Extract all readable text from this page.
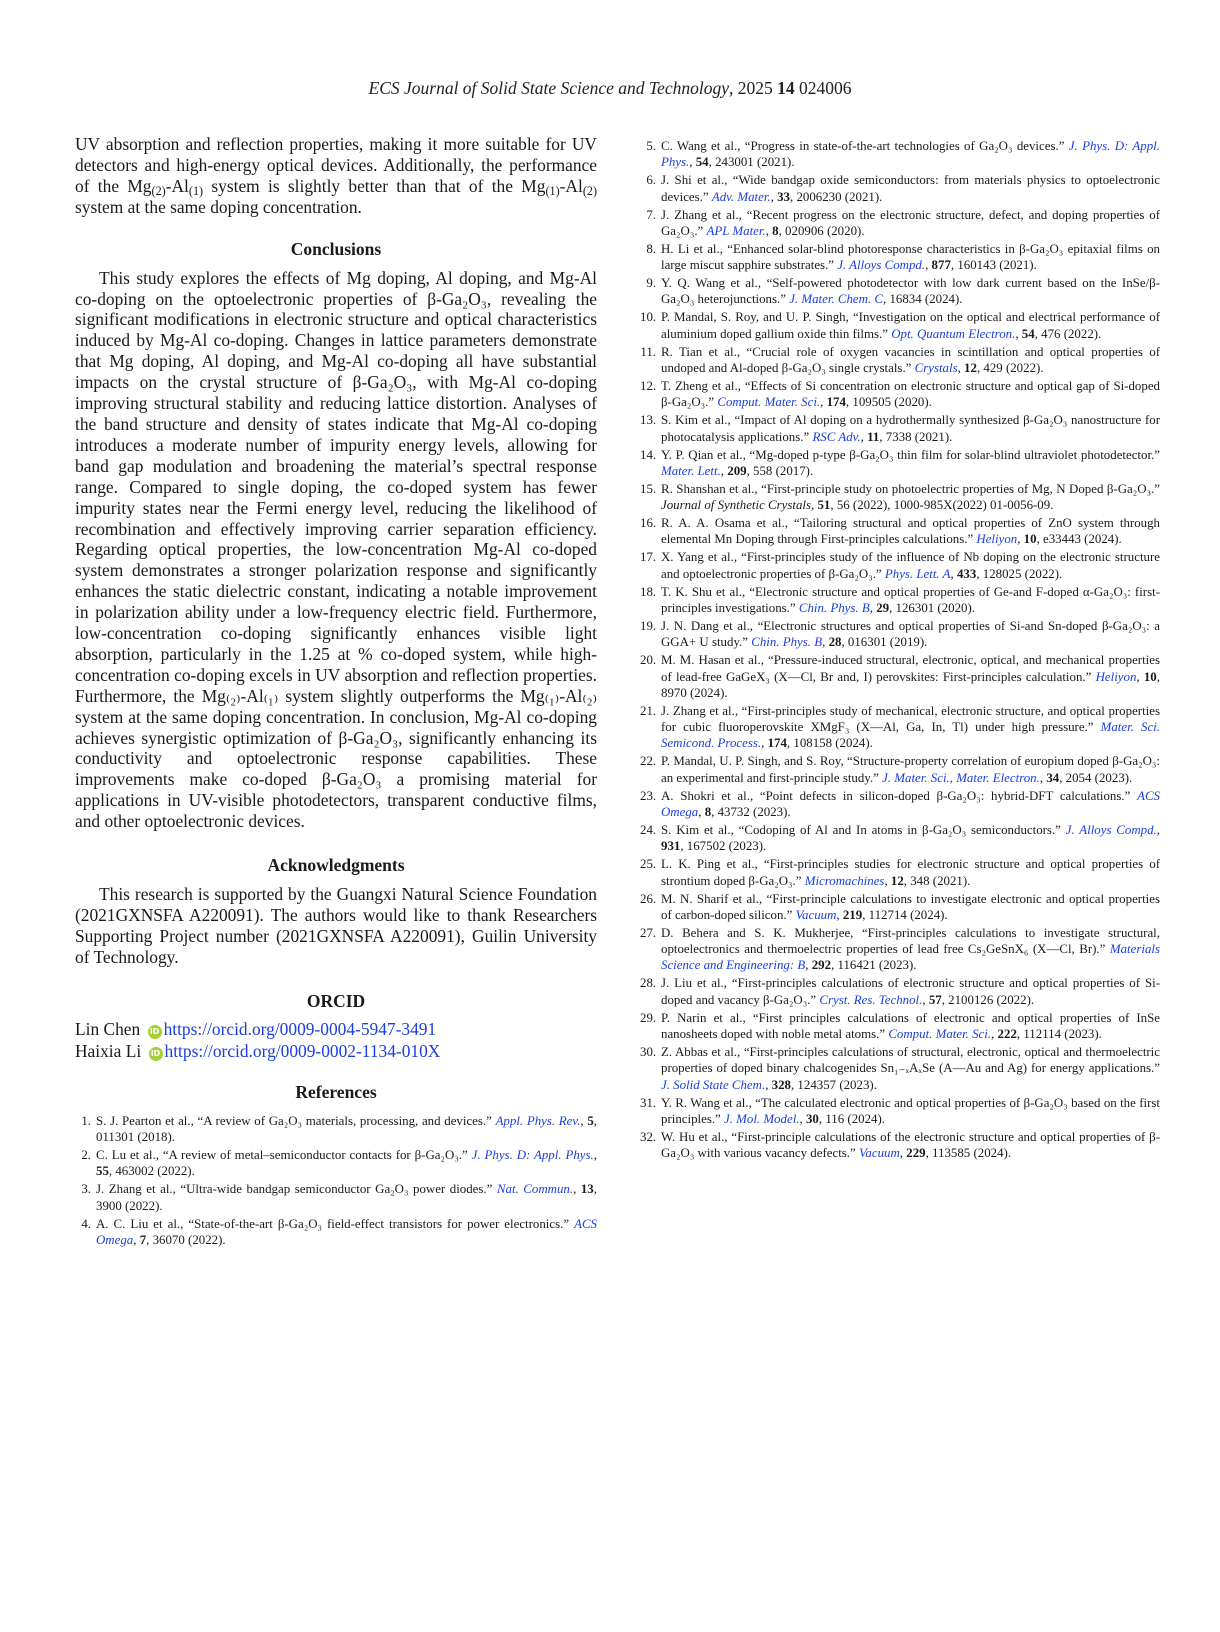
ECS Journal of Solid State Science and Technology, 2025 14 024006

UV absorption and reflection properties, making it more suitable for UV detectors and high-energy optical devices. Additionally, the performance of the $Mg_{(2)}-Al_{(1)}$ system is slightly better than that of the $Mg_{(1)}-Al_{(2)}$ system at the same doping concentration.

Conclusions

This study explores the effects of Mg doping, Al doping, and Mg-Al co-doping on the optoelectronic properties of β-Ga₂O₃, revealing the significant modifications in electronic structure and optical characteristics induced by Mg-Al co-doping. Changes in lattice parameters demonstrate that Mg doping, Al doping, and Mg-Al co-doping all have substantial impacts on the crystal structure of β-Ga₂O₃, with Mg-Al co-doping improving structural stability and reducing lattice distortion. Analyses of the band structure and density of states indicate that Mg-Al co-doping introduces a moderate number of impurity energy levels, allowing for band gap modulation and broadening the material’s spectral response range. Compared to single doping, the co-doped system has fewer impurity states near the Fermi energy level, reducing the likelihood of recombination and effectively improving carrier separation efficiency. Regarding optical properties, the low-concentration Mg-Al co-doped system demonstrates a stronger polarization response and significantly enhances the static dielectric constant, indicating a notable improvement in polarization ability under a low-frequency electric field. Furthermore, low-concentration co-doping significantly enhances visible light absorption, particularly in the 1.25 at % co-doped system, while high-concentration co-doping excels in UV absorption and reflection properties. Furthermore, the Mg₍₂₎-Al₍₁₎ system slightly outperforms the Mg₍₁₎-Al₍₂₎ system at the same doping concentration. In conclusion, Mg-Al co-doping achieves synergistic optimization of β-Ga₂O₃, significantly enhancing its conductivity and optoelectronic response capabilities. These improvements make co-doped β-Ga₂O₃ a promising material for applications in UV-visible photodetectors, transparent conductive films, and other optoelectronic devices.

Acknowledgments

This research is supported by the Guangxi Natural Science Foundation (2021GXNSFA A220091). The authors would like to thank Researchers Supporting Project number (2021GXNSFA A220091), Guilin University of Technology.

ORCID

Lin Chen iD https://orcid.org/0009-0004-5947-3491

Haixia Li iD https://orcid.org/0009-0002-1134-010X

References
1. S. J. Pearton et al., “A review of Ga₂O₃ materials, processing, and devices.” Appl. Phys. Rev., 5, 011301 (2018).
2. C. Lu et al., “A review of metal–semiconductor contacts for β-Ga₂O₃.” J. Phys. D: Appl. Phys., 55, 463002 (2022).
3. J. Zhang et al., “Ultra-wide bandgap semiconductor Ga₂O₃ power diodes.” Nat. Commun., 13, 3900 (2022).
4. A. C. Liu et al., “State-of-the-art β-Ga₂O₃ field-effect transistors for power electronics.” ACS Omega, 7, 36070 (2022).
5. C. Wang et al., “Progress in state-of-the-art technologies of Ga₂O₃ devices.” J. Phys. D: Appl. Phys., 54, 243001 (2021).
6. J. Shi et al., “Wide bandgap oxide semiconductors: from materials physics to optoelectronic devices.” Adv. Mater., 33, 2006230 (2021).
7. J. Zhang et al., “Recent progress on the electronic structure, defect, and doping properties of Ga₂O₃.” APL Mater., 8, 020906 (2020).
8. H. Li et al., “Enhanced solar-blind photoresponse characteristics in β-Ga₂O₃ epitaxial films on large miscut sapphire substrates.” J. Alloys Compd., 877, 160143 (2021).
9. Y. Q. Wang et al., “Self-powered photodetector with low dark current based on the InSe/β-Ga₂O₃ heterojunctions.” J. Mater. Chem. C, 16834 (2024).
10. P. Mandal, S. Roy, and U. P. Singh, “Investigation on the optical and electrical performance of aluminium doped gallium oxide thin films.” Opt. Quantum Electron., 54, 476 (2022).
11. R. Tian et al., “Crucial role of oxygen vacancies in scintillation and optical properties of undoped and Al-doped β-Ga₂O₃ single crystals.” Crystals, 12, 429 (2022).
12. T. Zheng et al., “Effects of Si concentration on electronic structure and optical gap of Si-doped β-Ga₂O₃.” Comput. Mater. Sci., 174, 109505 (2020).
13. S. Kim et al., “Impact of Al doping on a hydrothermally synthesized β-Ga₂O₃ nanostructure for photocatalysis applications.” RSC Adv., 11, 7338 (2021).
14. Y. P. Qian et al., “Mg-doped p-type β-Ga₂O₃ thin film for solar-blind ultraviolet photodetector.” Mater. Lett., 209, 558 (2017).
15. R. Shanshan et al., “First-principle study on photoelectric properties of Mg, N Doped β-Ga₂O₃.” Journal of Synthetic Crystals, 51, 56 (2022), 1000-985X(2022) 01-0056-09.
16. R. A. A. Osama et al., “Tailoring structural and optical properties of ZnO system through elemental Mn Doping through First-principles calculations.” Heliyon, 10, e33443 (2024).
17. X. Yang et al., “First-principles study of the influence of Nb doping on the electronic structure and optoelectronic properties of β-Ga₂O₃.” Phys. Lett. A, 433, 128025 (2022).
18. T. K. Shu et al., “Electronic structure and optical properties of Ge-and F-doped α-Ga₂O₃: first-principles investigations.” Chin. Phys. B, 29, 126301 (2020).
19. J. N. Dang et al., “Electronic structures and optical properties of Si-and Sn-doped β-Ga₂O₃: a GGA+ U study.” Chin. Phys. B, 28, 016301 (2019).
20. M. M. Hasan et al., “Pressure-induced structural, electronic, optical, and mechanical properties of lead-free GaGeX₃ (X—Cl, Br and, I) perovskites: First-principles calculation.” Heliyon, 10, 8970 (2024).
21. J. Zhang et al., “First-principles study of mechanical, electronic structure, and optical properties for cubic fluoroperovskite XMgF₃ (X—Al, Ga, In, Tl) under high pressure.” Mater. Sci. Semicond. Process., 174, 108158 (2024).
22. P. Mandal, U. P. Singh, and S. Roy, “Structure-property correlation of europium doped β-Ga₂O₃: an experimental and first-principle study.” J. Mater. Sci., Mater. Electron., 34, 2054 (2023).
23. A. Shokri et al., “Point defects in silicon-doped β-Ga₂O₃: hybrid-DFT calculations.” ACS Omega, 8, 43732 (2023).
24. S. Kim et al., “Codoping of Al and In atoms in β-Ga₂O₃ semiconductors.” J. Alloys Compd., 931, 167502 (2023).
25. L. K. Ping et al., “First-principles studies for electronic structure and optical properties of strontium doped β-Ga₂O₃.” Micromachines, 12, 348 (2021).
26. M. N. Sharif et al., “First-principle calculations to investigate electronic and optical properties of carbon-doped silicon.” Vacuum, 219, 112714 (2024).
27. D. Behera and S. K. Mukherjee, “First-principles calculations to investigate structural, optoelectronics and thermoelectric properties of lead free Cs₂GeSnX₆ (X—Cl, Br).” Materials Science and Engineering: B, 292, 116421 (2023).
28. J. Liu et al., “First-principles calculations of electronic structure and optical properties of Si-doped and vacancy β-Ga₂O₃.” Cryst. Res. Technol., 57, 2100126 (2022).
29. P. Narin et al., “First principles calculations of electronic and optical properties of InSe nanosheets doped with noble metal atoms.” Comput. Mater. Sci., 222, 112114 (2023).
30. Z. Abbas et al., “First-principles calculations of structural, electronic, optical and thermoelectric properties of doped binary chalcogenides Sn₁₋ₓAₓSe (A—Au and Ag) for energy applications.” J. Solid State Chem., 328, 124357 (2023).
31. Y. R. Wang et al., “The calculated electronic and optical properties of β-Ga₂O₃ based on the first principles.” J. Mol. Model., 30, 116 (2024).
32. W. Hu et al., “First-principle calculations of the electronic structure and optical properties of β-Ga₂O₃ with various vacancy defects.” Vacuum, 229, 113585 (2024).
